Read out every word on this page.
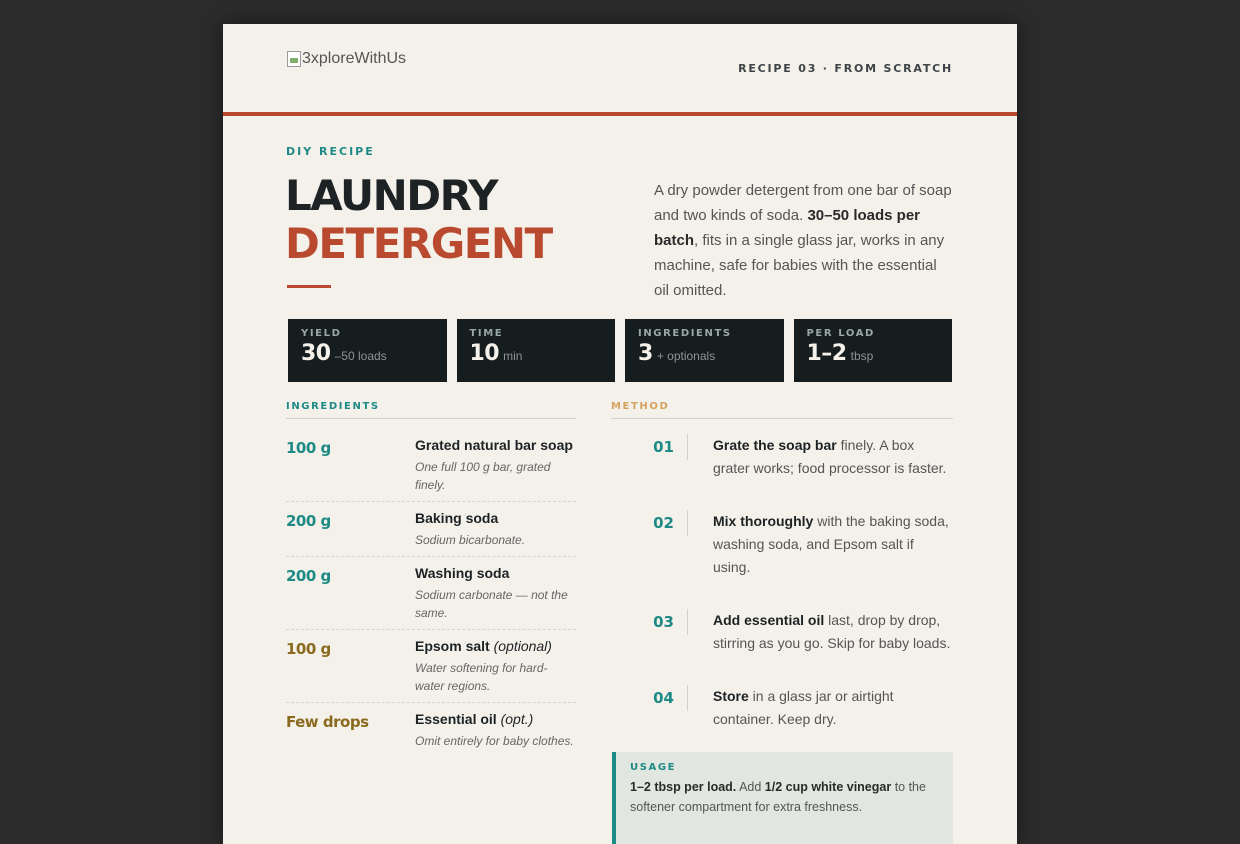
3xploreWithUs
RECIPE 03 · FROM SCRATCH
DIY RECIPE
LAUNDRY
DETERGENT

A dry powder detergent from one bar of soap and two kinds of soda. 30–50 loads per batch, fits in a single glass jar, works in any machine, safe for babies with the essential oil omitted.

YIELD
30 –50 loads
TIME
10 min
INGREDIENTS
3 + optionals
PER LOAD
1–2 tbsp
INGREDIENTS	METHOD
100 g	Grated natural bar soap
One full 100 g bar, grated finely.
200 g	Baking soda
Sodium bicarbonate.
200 g	Washing soda
Sodium carbonate — not the same.
100 g	Epsom salt (optional)
Water softening for hard-water regions.
Few drops	Essential oil (opt.)
Omit entirely for baby clothes.
01	Grate the soap bar finely. A box grater works; food processor is faster.
02	Mix thoroughly with the baking soda, washing soda, and Epsom salt if using.
03	Add essential oil last, drop by drop, stirring as you go. Skip for baby loads.
04	Store in a glass jar or airtight container. Keep dry.
USAGE
1–2 tbsp per load. Add 1/2 cup white vinegar to the softener compartment for extra freshness.
